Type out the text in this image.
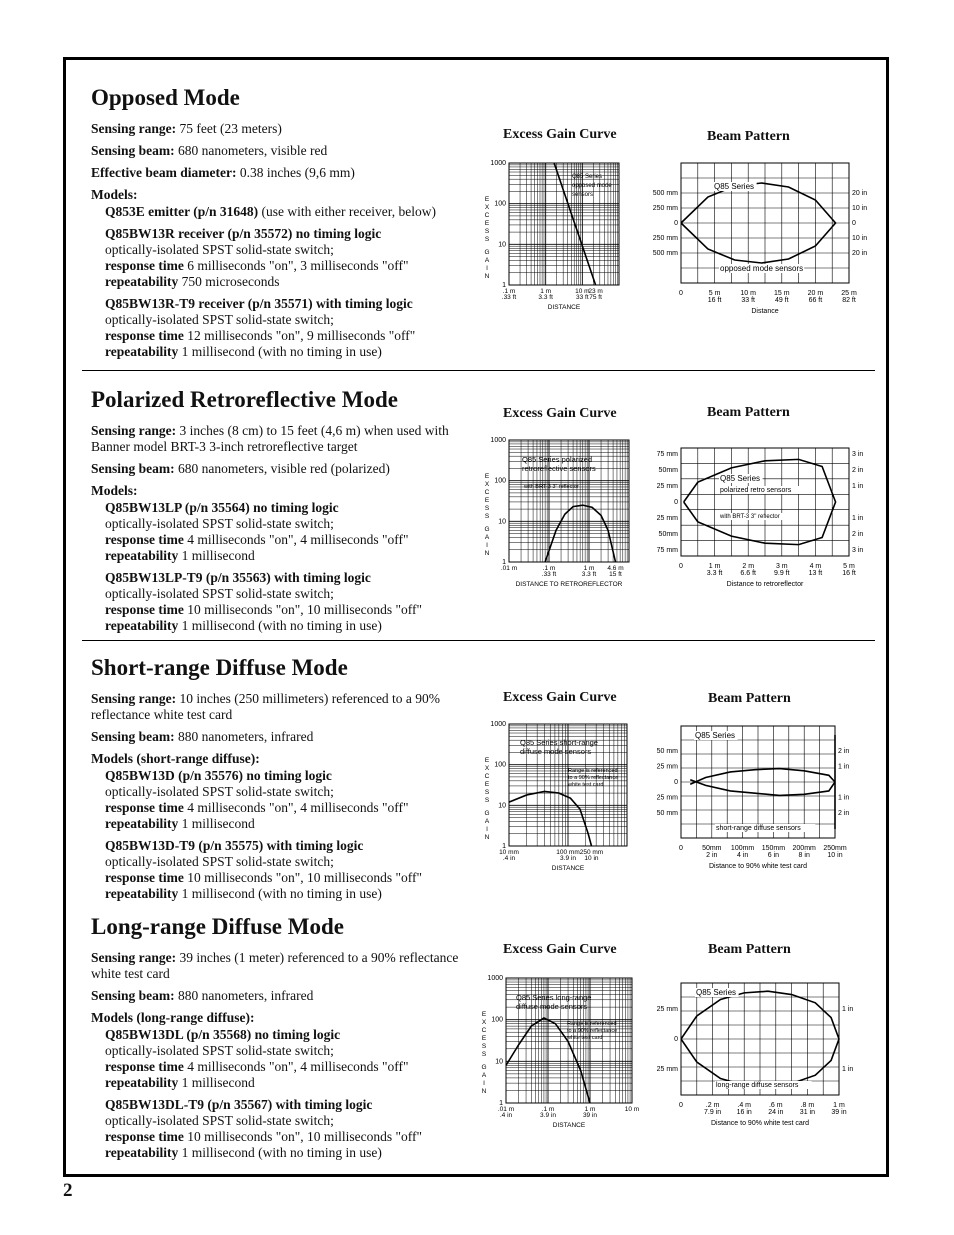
2
Opposed Mode

Sensing range: 75 feet (23 meters)

Sensing beam: 680 nanometers, visible red

Effective beam diameter: 0.38 inches (9,6 mm)

Models:

Q853E emitter (p/n 31648) (use with either receiver, below)

Q85BW13R receiver (p/n 35572) no timing logic

optically-isolated SPST solid-state switch;

response time 6 milliseconds "on", 3 milliseconds "off"

repeatability 750 microseconds

Q85BW13R-T9 receiver (p/n 35571) with timing logic

optically-isolated SPST solid-state switch;

response time 12 milliseconds "on", 9 milliseconds "off"

repeatability 1 millisecond (with no timing in use)

Polarized Retroreflective Mode

Sensing range: 3 inches (8 cm) to 15 feet (4,6 m) when used with Banner model BRT-3 3-inch retroreflective target

Sensing beam: 680 nanometers, visible red (polarized)

Models:

Q85BW13LP (p/n 35564) no timing logic

optically-isolated SPST solid-state switch;

response time 4 milliseconds "on", 4 milliseconds "off"

repeatability 1 millisecond

Q85BW13LP-T9 (p/n 35563) with timing logic

optically-isolated SPST solid-state switch;

response time 10 milliseconds "on", 10 milliseconds "off"

repeatability 1 millisecond (with no timing in use)

Short-range Diffuse Mode

Sensing range: 10 inches (250 millimeters) referenced to a 90% reflectance white test card

Sensing beam: 880 nanometers, infrared

Models (short-range diffuse):

Q85BW13D (p/n 35576) no timing logic

optically-isolated SPST solid-state switch;

response time 4 milliseconds "on", 4 milliseconds "off"

repeatability 1 millisecond

Q85BW13D-T9 (p/n 35575) with timing logic

optically-isolated SPST solid-state switch;

response time 10 milliseconds "on", 10 milliseconds "off"

repeatability 1 millisecond (with no timing in use)

Long-range Diffuse Mode

Sensing range: 39 inches (1 meter) referenced to a 90% reflectance white test card

Sensing beam: 880 nanometers, infrared

Models (long-range diffuse):

Q85BW13DL (p/n 35568) no timing logic

optically-isolated SPST solid-state switch;

response time 4 milliseconds "on", 4 milliseconds "off"

repeatability 1 millisecond

Q85BW13DL-T9 (p/n 35567) with timing logic

optically-isolated SPST solid-state switch;

response time 10 milliseconds "on", 10 milliseconds "off"

repeatability 1 millisecond (with no timing in use)

Excess Gain Curve	Beam Pattern
Excess Gain Curve	Beam Pattern
Excess Gain Curve	Beam Pattern
Excess Gain Curve	Beam Pattern
1000
100
10
1
E
X
C
E
S
S
G
A
I
N
.1 m
.33 ft
1 m
3.3 ft
10 m
33 ft
23 m
75 ft
DISTANCE
Q85 Series
opposed mode
sensors	500 mm	20 in
250 mm	10 in
0	0
250 mm	10 in
500 mm	20 in
0	5 m
16 ft
10 m
33 ft
15 m
49 ft
20 m
66 ft
25 m
82 ft
Distance
Q85 Series
opposed mode sensors
1000
100
10
1
E
X
C
E
S
S
G
A
I
N
.01 m	.1 m
.33 ft
1 m
3.3 ft
4.6 m
15 ft
DISTANCE TO RETROREFLECTOR
Q85 Series polarized
retroreflective sensors
with BRT-3 3" reflector
75 mm	3 in
50mm	2 in
25 mm	1 in
0
25 mm	1 in
50mm	2 in
75 mm	3 in
0	1 m
3.3 ft
2 m
6.6 ft
3 m
9.9 ft
4 m
13 ft
5 m
16 ft
Distance to retroreflector
Q85 Series
polarized retro sensors
with BRT-3 3" reflector
1000
100
10
1
E
X
C
E
S
S
G
A
I
N
10 mm
.4 in
100 mm
3.9 in
250 mm
10 in
DISTANCE
Q85 Series short-range
diffuse mode sensors
Range is referenced
to a 90% reflectance
white test card
50 mm	2 in
25 mm	1 in
0
25 mm	1 in
50 mm	2 in
0	50mm
2 in
100mm
4 in
150mm
6 in
200mm
8 in
250mm
10 in
Distance to 90% white test card
Q85 Series
short-range diffuse sensors
1000
100
10
1
E
X
C
E
S
S
G
A
I
N
.01 m
.4 in
.1 m
3.9 in
1 m
39 in
10 m
DISTANCE
Q85 Series long-range
diffuse mode sensors
Range is referenced
to a 90% reflectance
white test card
25 mm	1 in
0
25 mm	1 in
0	.2 m
7.9 in
.4 m
16 in
.6 m
24 in
.8 m
31 in
1 m
39 in
Distance to 90% white test card
Q85 Series
long-range diffuse sensors
